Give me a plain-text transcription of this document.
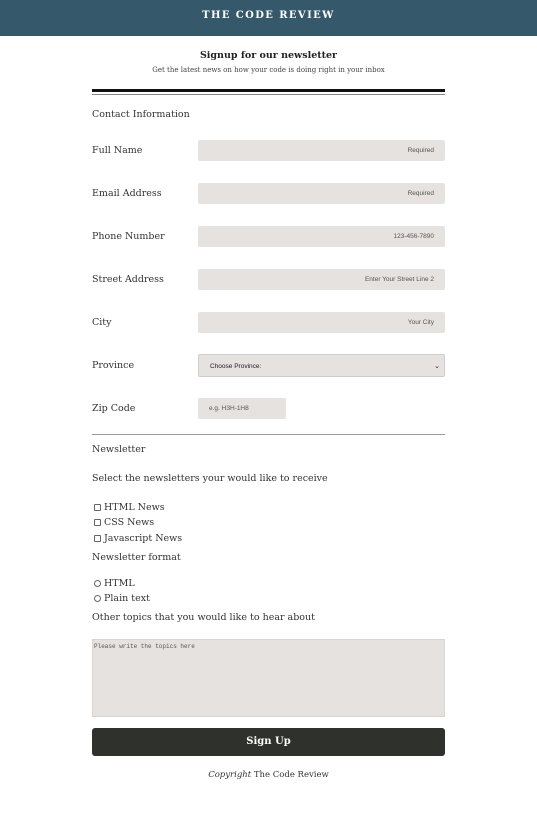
THE CODE REVIEW
Signup for our newsletter
Get the latest news on how your code is doing right in your inbox
Contact Information
Full Name	Required
Email Address	Required
Phone Number	123-456-7890
Street Address	Enter Your Street Line 2
City	Your City
Province	Choose Province:	⌄
Zip Code	e.g. H3H-1H8
Newsletter
Select the newsletters your would like to receive
HTML News
CSS News
Javascript News
Newsletter format
HTML
Plain text
Other topics that you would like to hear about
Please write the topics here
Sign Up
Copyright The Code Review
